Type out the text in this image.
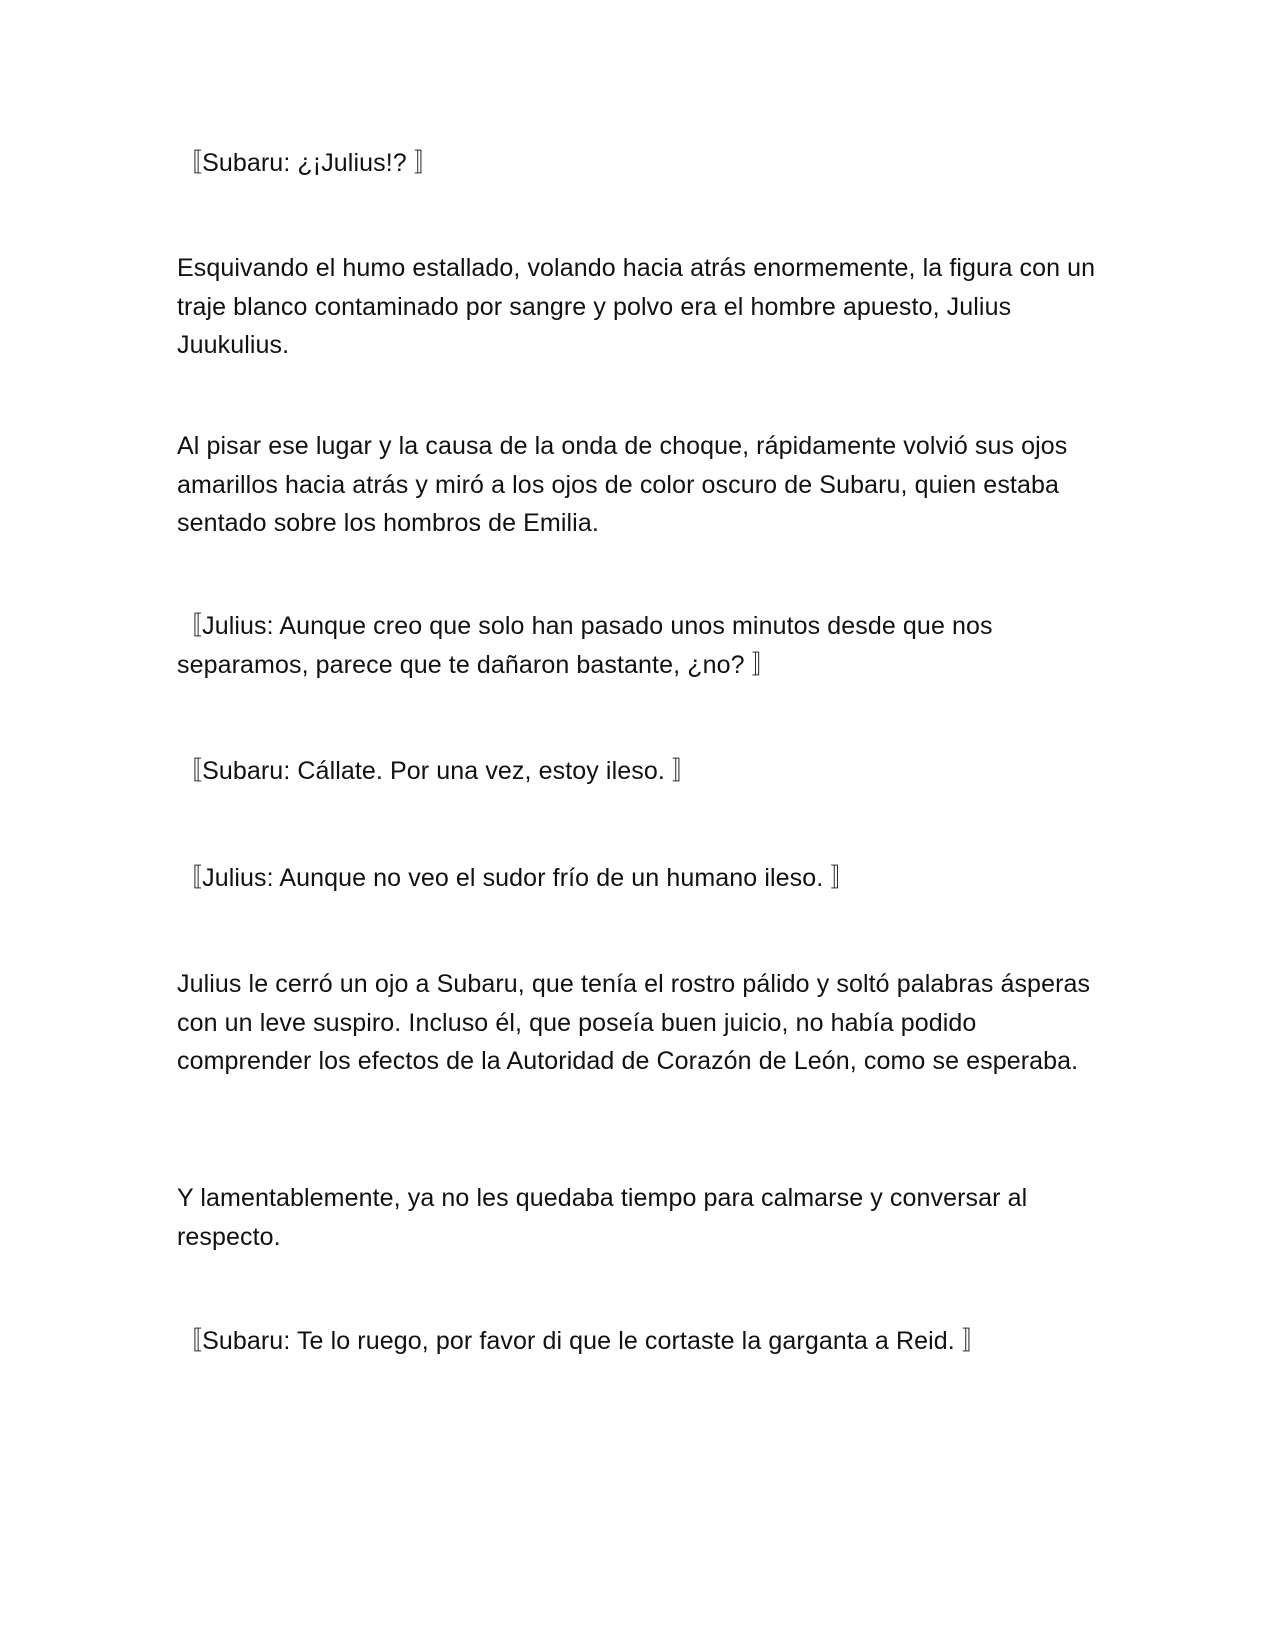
〚Subaru: ¿¡Julius!? 〛

Esquivando el humo estallado, volando hacia atrás enormemente, la figura con un traje blanco contaminado por sangre y polvo era el hombre apuesto, Julius Juukulius.

Al pisar ese lugar y la causa de la onda de choque, rápidamente volvió sus ojos amarillos hacia atrás y miró a los ojos de color oscuro de Subaru, quien estaba sentado sobre los hombros de Emilia.

〚Julius: Aunque creo que solo han pasado unos minutos desde que nos separamos, parece que te dañaron bastante, ¿no? 〛

〚Subaru: Cállate. Por una vez, estoy ileso. 〛

〚Julius: Aunque no veo el sudor frío de un humano ileso. 〛

Julius le cerró un ojo a Subaru, que tenía el rostro pálido y soltó palabras ásperas con un leve suspiro. Incluso él, que poseía buen juicio, no había podido comprender los efectos de la Autoridad de Corazón de León, como se esperaba.

Y lamentablemente, ya no les quedaba tiempo para calmarse y conversar al respecto.

〚Subaru: Te lo ruego, por favor di que le cortaste la garganta a Reid. 〛
